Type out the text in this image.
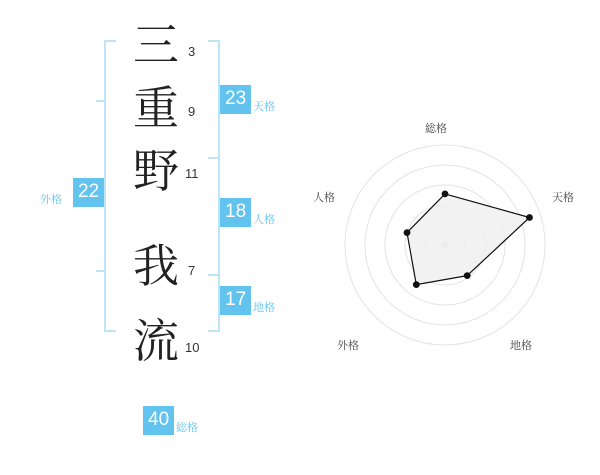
三
重
野
我
流
3
9
11
7
10
23 天格
18 人格
17 地格
22
外格
40 総格
総格
天格
地格
外格
人格
